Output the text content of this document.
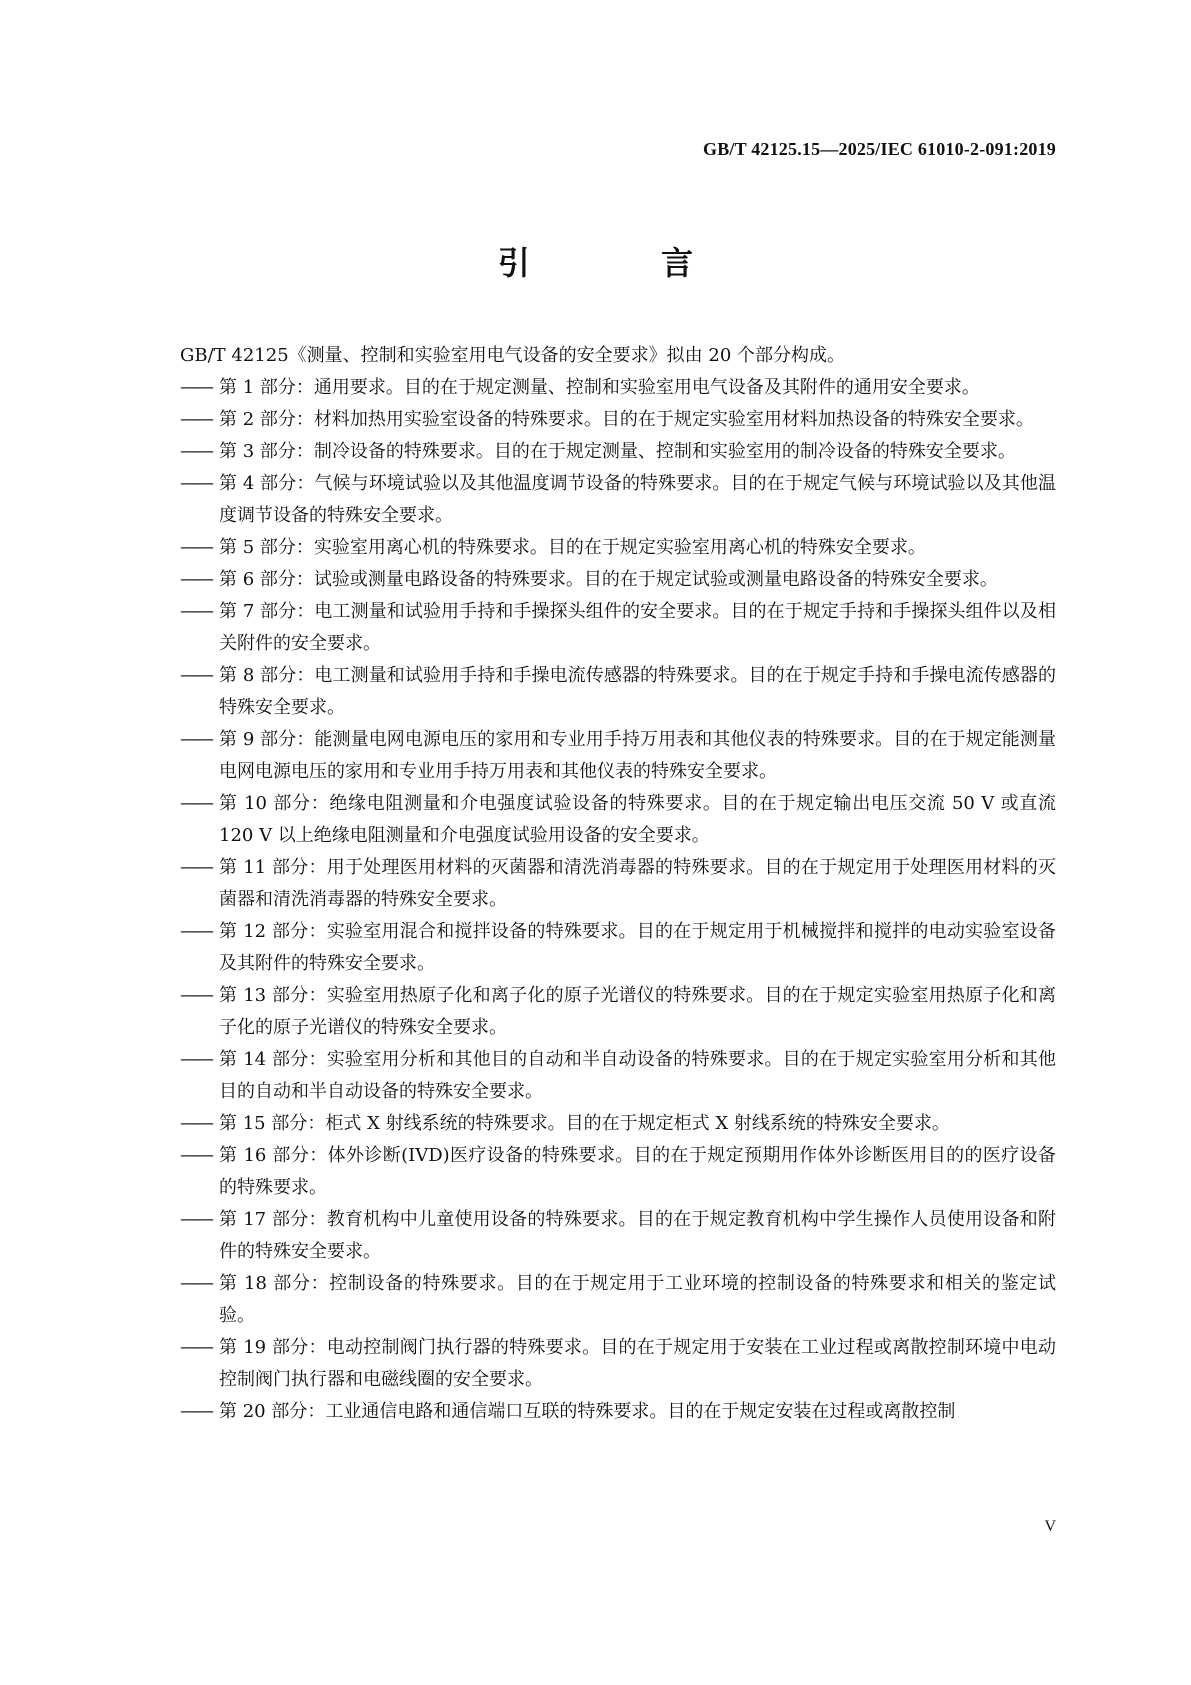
GB/T 42125.15—2025/IEC 61010-2-091:2019
引 言

GB/T 42125《测量、控制和实验室用电气设备的安全要求》拟由 20 个部分构成。

—— 第 1 部分：通用要求。目的在于规定测量、控制和实验室用电气设备及其附件的通用安全要求。
—— 第 2 部分：材料加热用实验室设备的特殊要求。目的在于规定实验室用材料加热设备的特殊安全要求。
—— 第 3 部分：制冷设备的特殊要求。目的在于规定测量、控制和实验室用的制冷设备的特殊安全要求。
—— 第 4 部分：气候与环境试验以及其他温度调节设备的特殊要求。目的在于规定气候与环境试验以及其他温度调节设备的特殊安全要求。
—— 第 5 部分：实验室用离心机的特殊要求。目的在于规定实验室用离心机的特殊安全要求。
—— 第 6 部分：试验或测量电路设备的特殊要求。目的在于规定试验或测量电路设备的特殊安全要求。
—— 第 7 部分：电工测量和试验用手持和手操探头组件的安全要求。目的在于规定手持和手操探头组件以及相关附件的安全要求。
—— 第 8 部分：电工测量和试验用手持和手操电流传感器的特殊要求。目的在于规定手持和手操电流传感器的特殊安全要求。
—— 第 9 部分：能测量电网电源电压的家用和专业用手持万用表和其他仪表的特殊要求。目的在于规定能测量电网电源电压的家用和专业用手持万用表和其他仪表的特殊安全要求。
—— 第 10 部分：绝缘电阻测量和介电强度试验设备的特殊要求。目的在于规定输出电压交流 50 V 或直流 120 V 以上绝缘电阻测量和介电强度试验用设备的安全要求。
—— 第 11 部分：用于处理医用材料的灭菌器和清洗消毒器的特殊要求。目的在于规定用于处理医用材料的灭菌器和清洗消毒器的特殊安全要求。
—— 第 12 部分：实验室用混合和搅拌设备的特殊要求。目的在于规定用于机械搅拌和搅拌的电动实验室设备及其附件的特殊安全要求。
—— 第 13 部分：实验室用热原子化和离子化的原子光谱仪的特殊要求。目的在于规定实验室用热原子化和离子化的原子光谱仪的特殊安全要求。
—— 第 14 部分：实验室用分析和其他目的自动和半自动设备的特殊要求。目的在于规定实验室用分析和其他目的自动和半自动设备的特殊安全要求。
—— 第 15 部分：柜式 X 射线系统的特殊要求。目的在于规定柜式 X 射线系统的特殊安全要求。
—— 第 16 部分：体外诊断(IVD)医疗设备的特殊要求。目的在于规定预期用作体外诊断医用目的的医疗设备的特殊要求。
—— 第 17 部分：教育机构中儿童使用设备的特殊要求。目的在于规定教育机构中学生操作人员使用设备和附件的特殊安全要求。
—— 第 18 部分：控制设备的特殊要求。目的在于规定用于工业环境的控制设备的特殊要求和相关的鉴定试验。
—— 第 19 部分：电动控制阀门执行器的特殊要求。目的在于规定用于安装在工业过程或离散控制环境中电动控制阀门执行器和电磁线圈的安全要求。
—— 第 20 部分：工业通信电路和通信端口互联的特殊要求。目的在于规定安装在过程或离散控制
V
